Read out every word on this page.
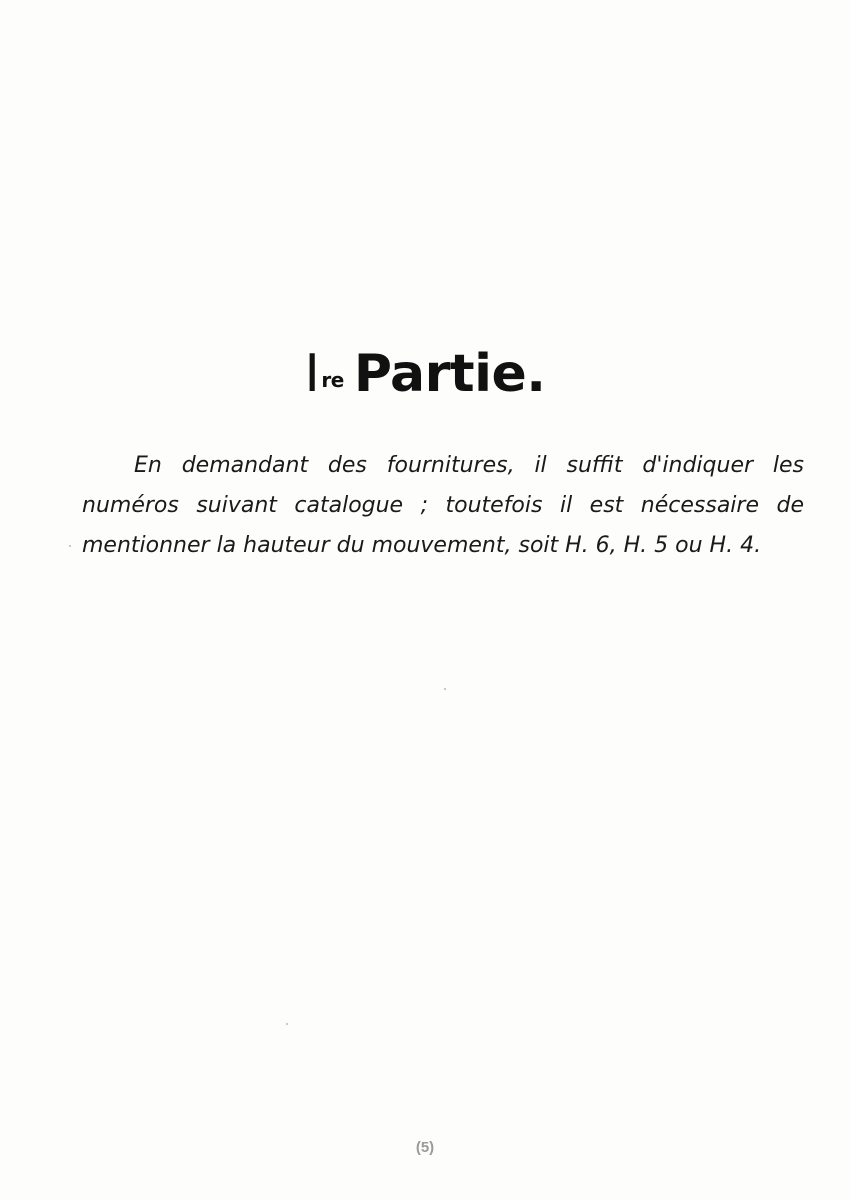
I $^{re}$ Partie.

En demandant des fournitures, il suffit d'indiquer les numéros suivant catalogue ; toutefois il est nécessaire de mentionner la hauteur du mouvement, soit H. 6, H. 5 ou H. 4.

(5)
